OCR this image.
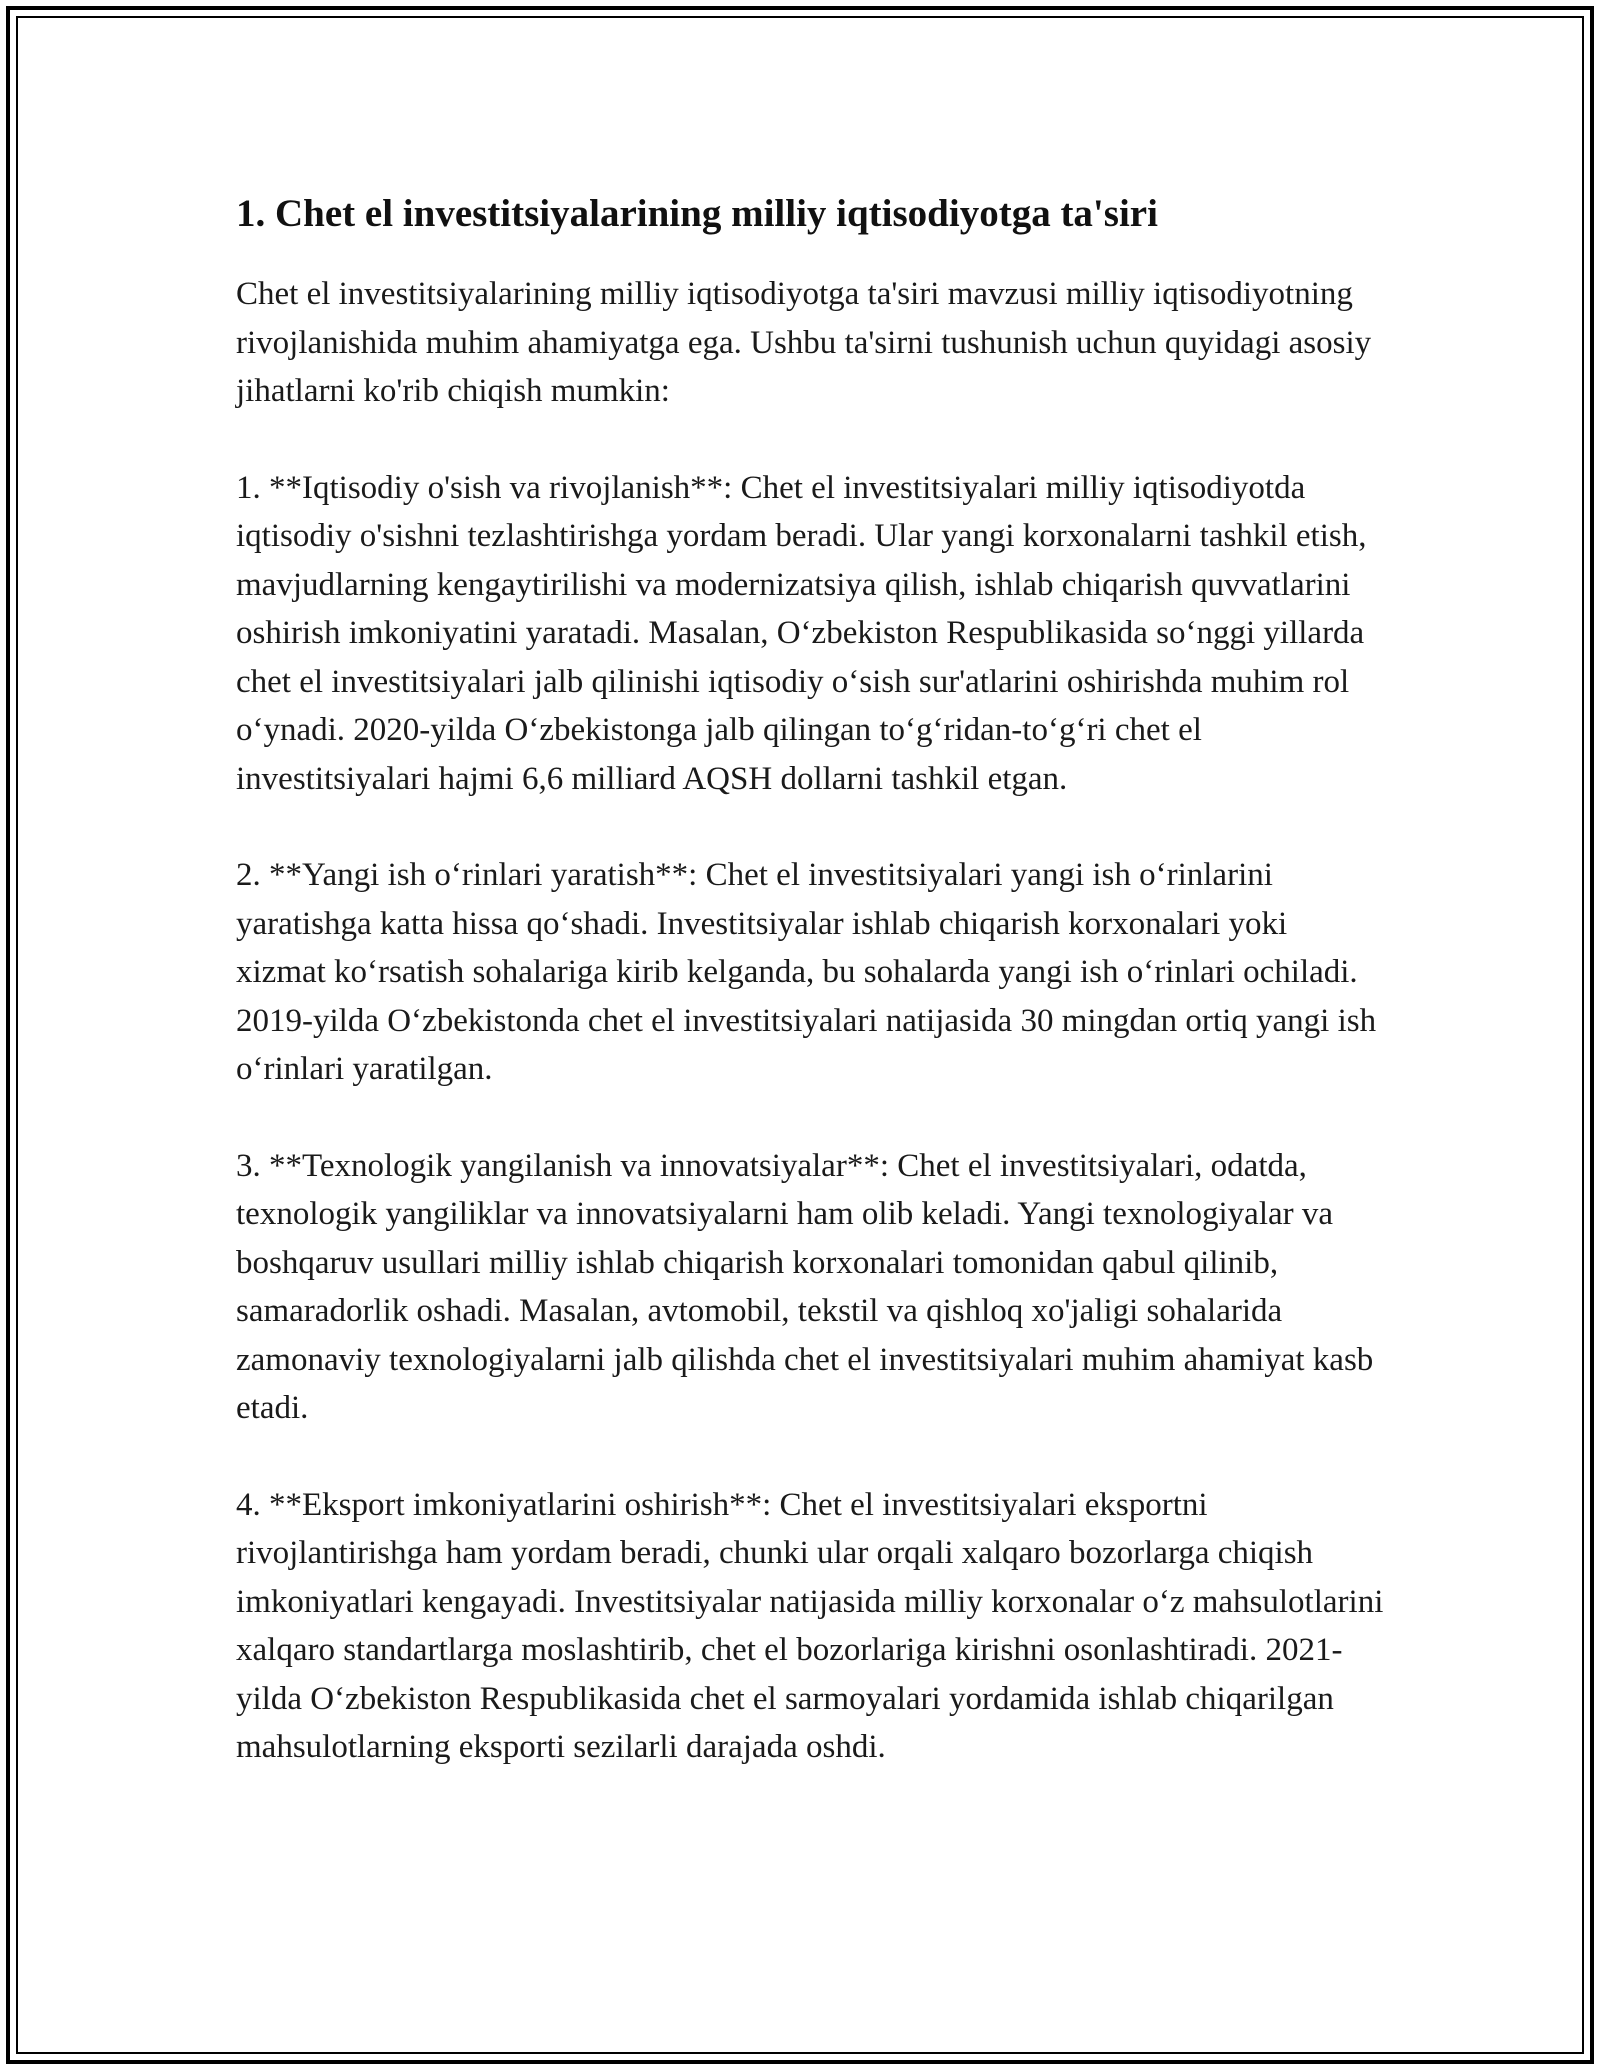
1. Chet el investitsiyalarining milliy iqtisodiyotga ta'siri

Chet el investitsiyalarining milliy iqtisodiyotga ta'siri mavzusi milliy iqtisodiyotning rivojlanishida muhim ahamiyatga ega. Ushbu ta'sirni tushunish uchun quyidagi asosiy jihatlarni ko'rib chiqish mumkin:

1. **Iqtisodiy o'sish va rivojlanish**: Chet el investitsiyalari milliy iqtisodiyotda iqtisodiy o'sishni tezlashtirishga yordam beradi. Ular yangi korxonalarni tashkil etish, mavjudlarning kengaytirilishi va modernizatsiya qilish, ishlab chiqarish quvvatlarini oshirish imkoniyatini yaratadi. Masalan, O‘zbekiston Respublikasida so‘nggi yillarda chet el investitsiyalari jalb qilinishi iqtisodiy o‘sish sur'atlarini oshirishda muhim rol o‘ynadi. 2020-yilda O‘zbekistonga jalb qilingan to‘g‘ridan-to‘g‘ri chet el investitsiyalari hajmi 6,6 milliard AQSH dollarni tashkil etgan.

2. **Yangi ish o‘rinlari yaratish**: Chet el investitsiyalari yangi ish o‘rinlarini yaratishga katta hissa qo‘shadi. Investitsiyalar ishlab chiqarish korxonalari yoki xizmat ko‘rsatish sohalariga kirib kelganda, bu sohalarda yangi ish o‘rinlari ochiladi. 2019-yilda O‘zbekistonda chet el investitsiyalari natijasida 30 mingdan ortiq yangi ish o‘rinlari yaratilgan.

3. **Texnologik yangilanish va innovatsiyalar**: Chet el investitsiyalari, odatda, texnologik yangiliklar va innovatsiyalarni ham olib keladi. Yangi texnologiyalar va boshqaruv usullari milliy ishlab chiqarish korxonalari tomonidan qabul qilinib, samaradorlik oshadi. Masalan, avtomobil, tekstil va qishloq xo'jaligi sohalarida zamonaviy texnologiyalarni jalb qilishda chet el investitsiyalari muhim ahamiyat kasb etadi.

4. **Eksport imkoniyatlarini oshirish**: Chet el investitsiyalari eksportni rivojlantirishga ham yordam beradi, chunki ular orqali xalqaro bozorlarga chiqish imkoniyatlari kengayadi. Investitsiyalar natijasida milliy korxonalar o‘z mahsulotlarini xalqaro standartlarga moslashtirib, chet el bozorlariga kirishni osonlashtiradi. 2021-yilda O‘zbekiston Respublikasida chet el sarmoyalari yordamida ishlab chiqarilgan mahsulotlarning eksporti sezilarli darajada oshdi.
